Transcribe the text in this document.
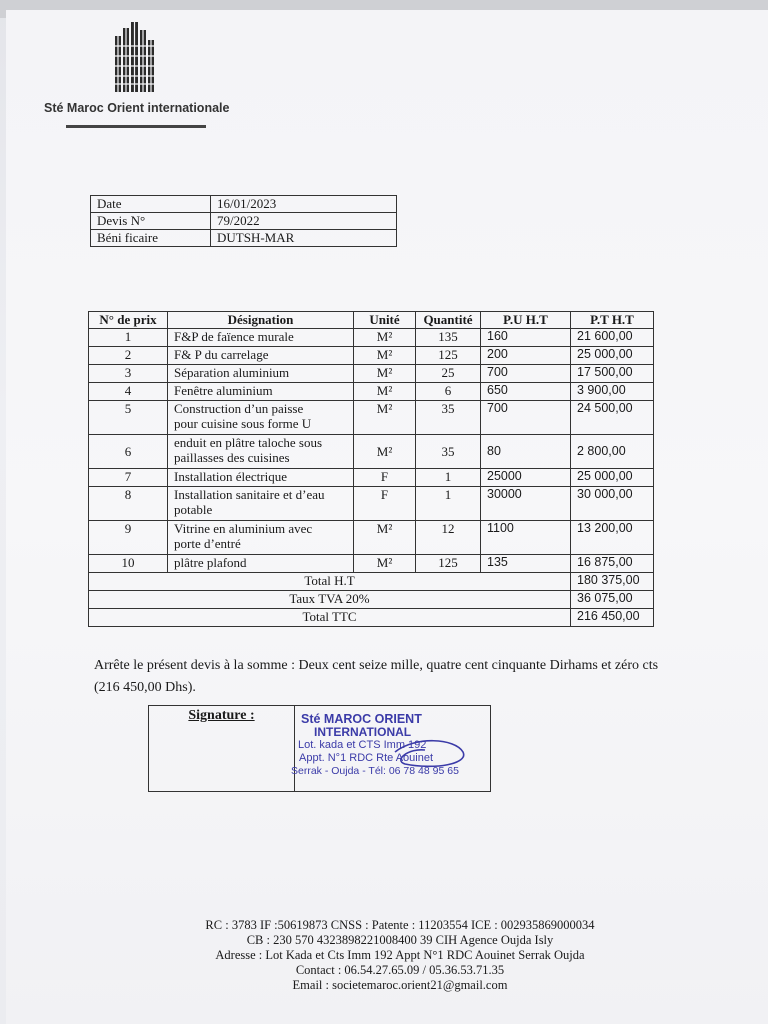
Sté Maroc Orient internationale
Date	16/01/2023
Devis N°	79/2022
Béni ficaire	DUTSH-MAR
N° de prix	Désignation	Unité	Quantité	P.U H.T	P.T H.T
1	F&P de faïence murale	M²	135	160	21 600,00
2	F& P du carrelage	M²	125	200	25 000,00
3	Séparation aluminium	M²	25	700	17 500,00
4	Fenêtre aluminium	M²	6	650	3 900,00
5	Construction d’un paisse
pour cuisine sous forme U	M²	35	700	24 500,00
6	enduit en plâtre taloche sous
paillasses des cuisines	M²	35	80	2 800,00
7	Installation électrique	F	1	25000	25 000,00
8	Installation sanitaire et d’eau
potable	F	1	30000	30 000,00
9	Vitrine en aluminium avec
porte d’entré	M²	12	1100	13 200,00
10	plâtre plafond	M²	125	135	16 875,00
Total H.T					180 375,00
Taux TVA 20%					36 075,00
Total TTC					216 450,00
Arrête le présent devis à la somme : Deux cent seize mille, quatre cent cinquante Dirhams et zéro cts
(216 450,00 Dhs).
Signature :	Sté MAROC ORIENT
INTERNATIONAL
Lot. kada et CTS Imm 192
Appt. N°1 RDC Rte Aouinet
Serrak - Oujda - Tél: 06 78 48 95 65
RC : 3783 IF :50619873 CNSS : Patente : 11203554 ICE : 002935869000034
CB : 230 570 4323898221008400 39 CIH Agence Oujda Isly
Adresse : Lot Kada et Cts Imm 192 Appt N°1 RDC Aouinet Serrak Oujda
Contact : 06.54.27.65.09 / 05.36.53.71.35
Email : societemaroc.orient21@gmail.com
